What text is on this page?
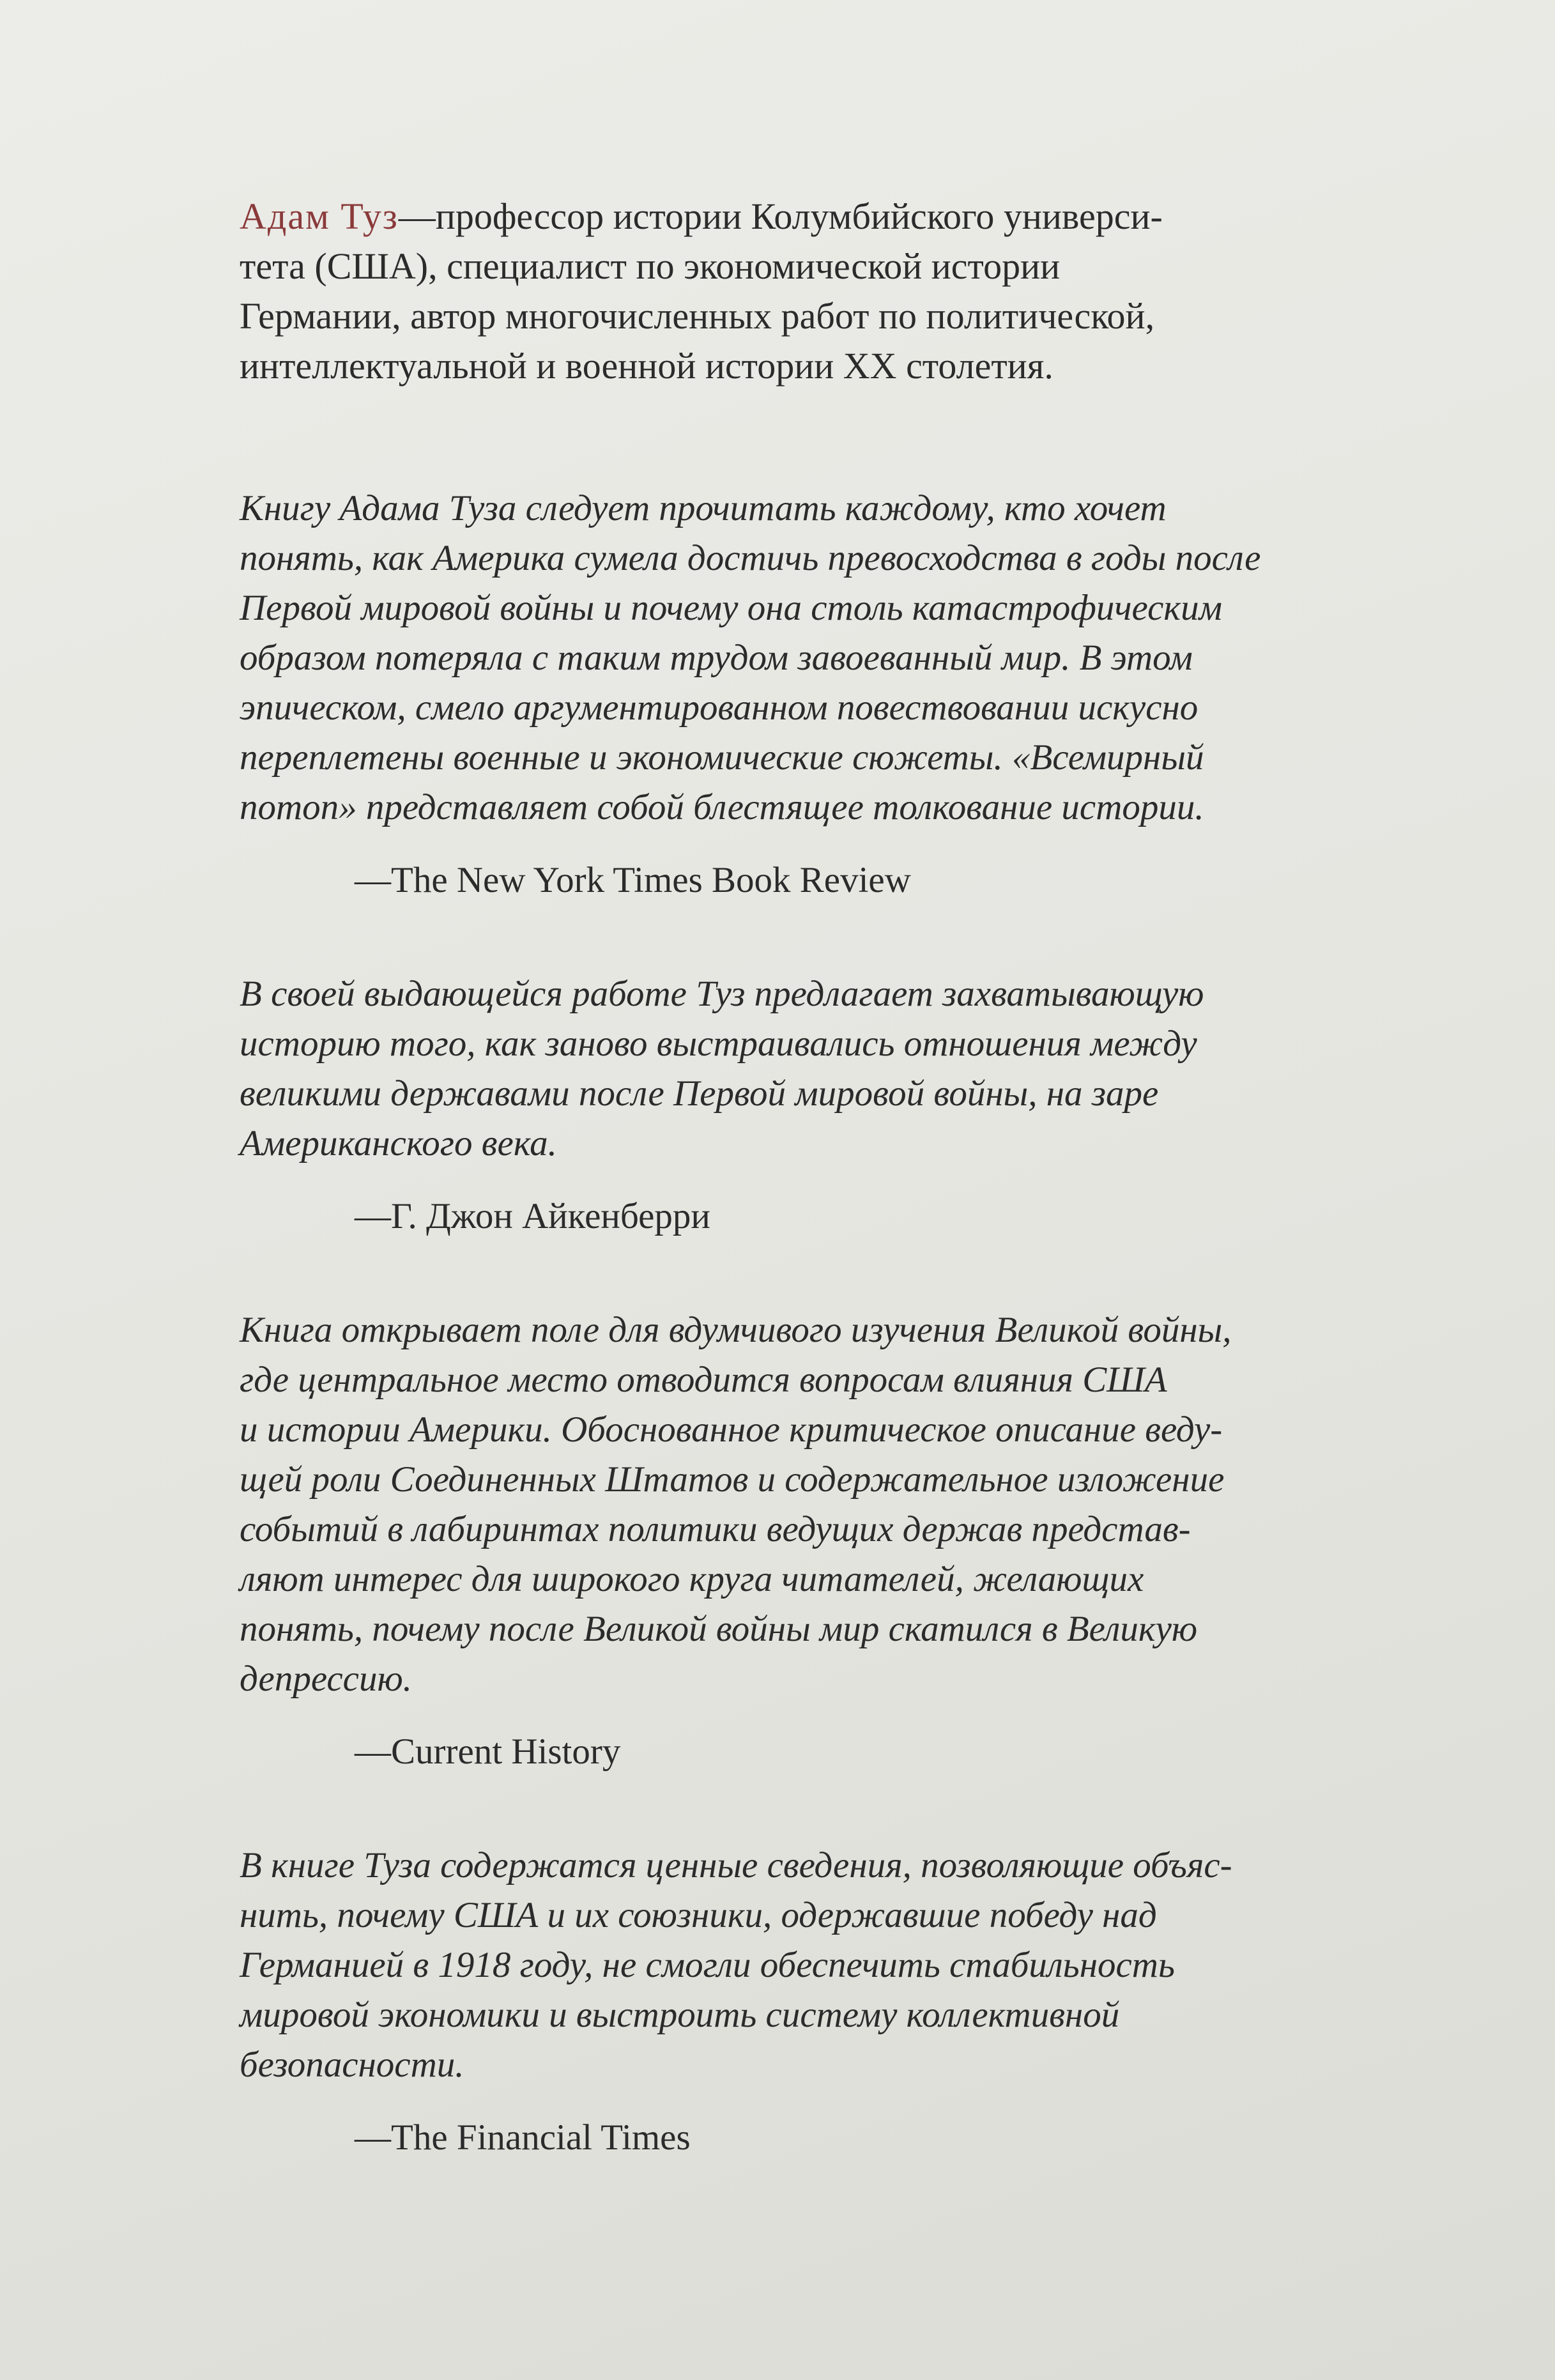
Адам Туз—профессор истории Колумбийского универси-
тета (США), специалист по экономической истории
Германии, автор многочисленных работ по политической,
интеллектуальной и военной истории XX столетия.

Книгу Адама Туза следует прочитать каждому, кто хочет
понять, как Америка сумела достичь превосходства в годы после
Первой мировой войны и почему она столь катастрофическим
образом потеряла с таким трудом завоеванный мир. В этом
эпическом, смело аргументированном повествовании искусно
переплетены военные и экономические сюжеты. «Всемирный
потоп» представляет собой блестящее толкование истории.

—The New York Times Book Review

В своей выдающейся работе Туз предлагает захватывающую
историю того, как заново выстраивались отношения между
великими державами после Первой мировой войны, на заре
Американского века.

—Г. Джон Айкенберри

Книга открывает поле для вдумчивого изучения Великой войны,
где центральное место отводится вопросам влияния США
и истории Америки. Обоснованное критическое описание веду-
щей роли Соединенных Штатов и содержательное изложение
событий в лабиринтах политики ведущих держав представ-
ляют интерес для широкого круга читателей, желающих
понять, почему после Великой войны мир скатился в Великую
депрессию.

—Current History

В книге Туза содержатся ценные сведения, позволяющие объяс-
нить, почему США и их союзники, одержавшие победу над
Германией в 1918 году, не смогли обеспечить стабильность
мировой экономики и выстроить систему коллективной
безопасности.

—The Financial Times
